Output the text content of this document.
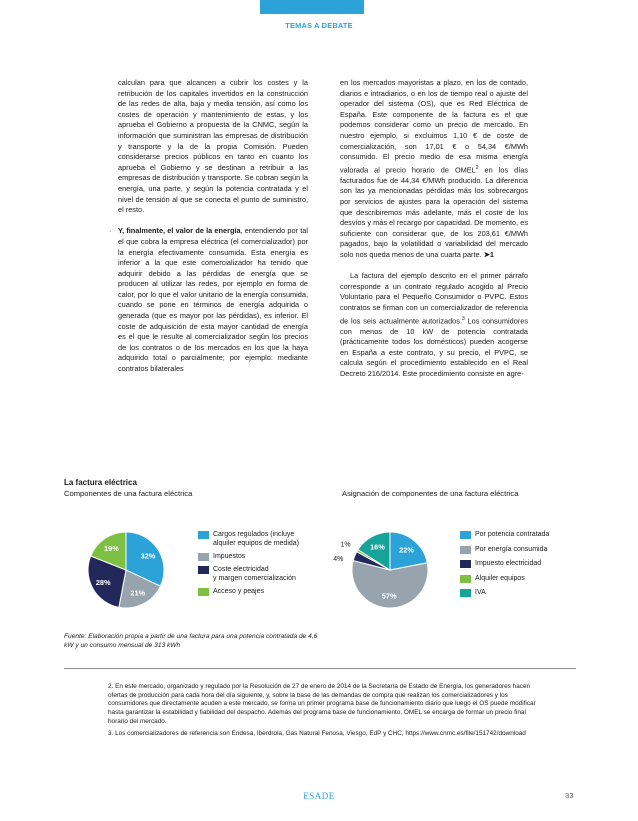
TEMAS A DEBATE

calculan para que alcancen a cubrir los costes y la retribución de los capitales invertidos en la construcción de las redes de alta, baja y media tensión, así como los costes de operación y mantenimiento de estas, y los aprueba el Gobierno a propuesta de la CNMC, según la información que suministran las empresas de distribución y transporte y la de la propia Comisión. Pueden considerarse precios públicos en tanto en cuanto los aprueba el Gobierno y se destinan a retribuir a las empresas de distribución y transporte. Se cobran según la energía, una parte, y según la potencia contratada y el nivel de tensión al que se conecta el punto de suministro, el resto.

· Y, finalmente, el valor de la energía, entendiendo por tal el que cobra la empresa eléctrica (el comercializador) por la energía efectivamente consumida. Esta energía es inferior a la que este comercializador ha tenido que adquirir debido a las pérdidas de energía que se producen al utilizar las redes, por ejemplo en forma de calor, por lo que el valor unitario de la energía consumida, cuando se pone en términos de energía adquirida o generada (que es mayor por las pérdidas), es inferior. El coste de adquisición de esta mayor cantidad de energía es el que le resulte al comercializador según los precios de los contratos o de los mercados en los que la haya adquirido total o parcialmente; por ejemplo: mediante contratos bilaterales

en los mercados mayoristas a plazo, en los de contado, diarios e intradiarios, o en los de tiempo real o ajuste del operador del sistema (OS), que es Red Eléctrica de España. Este componente de la factura es el que podemos considerar como un precio de mercado. En nuestro ejemplo, si excluimos 1,10 € de coste de comercialización, son 17,01 € o 54,34 €/MWh consumido. El precio medio de esa misma energía valorada al precio horario de OMEL$^2$ en los días facturados fue de 44,34 €/MWh producido. La diferencia son las ya mencionadas pérdidas más los sobrecargos por servicios de ajustes para la operación del sistema que describiremos más adelante, más el coste de los desvíos y más el recargo por capacidad. De momento, es suficiente con considerar que, de los 203,61 €/MWh pagados, bajo la volatilidad o variabilidad del mercado solo nos queda menos de una cuarta parte. ➤1

La factura del ejemplo descrito en el primer párrafo corresponde a un contrato regulado acogido al Precio Voluntario para el Pequeño Consumidor o PVPC. Estos contratos se firman con un comercializador de referencia de los seis actualmente autorizados.$^3$ Los consumidores con menos de 10 kW de potencia contratada (prácticamente todos los domésticos) pueden acogerse en España a este contrato, y su precio, el PVPC, se calcula según el procedimiento establecido en el Real Decreto 216/2014. Este procedimiento consiste en agre-

La factura eléctrica
Componentes de una factura eléctrica	Asignación de componentes de una factura eléctrica
32%
21%
28%
19%	22%
57%
4%
1%	16%
Cargos regulados (incluye
alquiler equipos de medida)
Impuestos
Coste electricidad
y margen comercialización
Acceso y peajes
Por potencia contratada
Por energía consumida
Impuesto electricidad
Alquiler equipos
IVA
Fuente: Elaboración propia a partir de una factura para una potencia contratada de 4,6 kW y un consumo mensual de 313 kWh

2. En este mercado, organizado y regulado por la Resolución de 27 de enero de 2014 de la Secretaría de Estado de Energía, los generadores hacen ofertas de producción para cada hora del día siguiente, y, sobre la base de las demandas de compra que realizan los comercializadores y los consumidores que directamente acuden a este mercado, se forma un primer programa base de funcionamiento diario que luego el OS puede modificar hasta garantizar la estabilidad y fiabilidad del despacho. Además del programa base de funcionamiento, OMEL se encarga de formar un precio final horario del mercado.

3. Los comercializadores de referencia son Endesa, Iberdrola, Gas Natural Fenosa, Viesgo, EdP y CHC, https://www.cnmc.es/file/151742/download

ESADE	33
